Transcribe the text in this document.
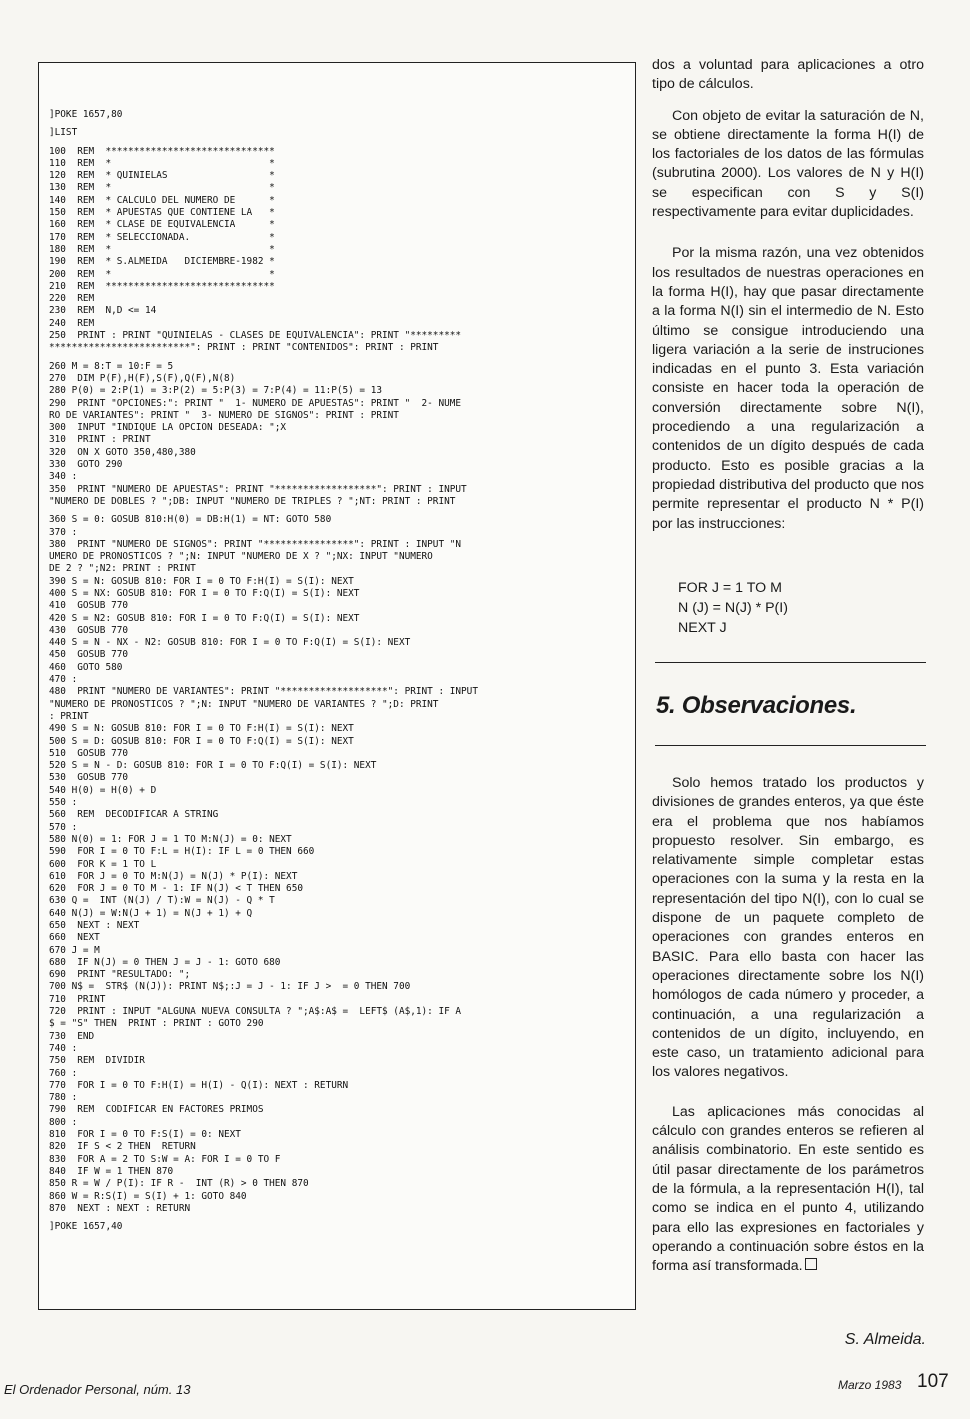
]POKE 1657,80
]LIST
100  REM  ******************************
110  REM  *                            *
120  REM  * QUINIELAS                  *
130  REM  *                            *
140  REM  * CALCULO DEL NUMERO DE      *
150  REM  * APUESTAS QUE CONTIENE LA   *
160  REM  * CLASE DE EQUIVALENCIA      *
170  REM  * SELECCIONADA.              *
180  REM  *                            *
190  REM  * S.ALMEIDA   DICIEMBRE-1982 *
200  REM  *                            *
210  REM  ******************************
220  REM
230  REM  N,D <= 14
240  REM
250  PRINT : PRINT "QUINIELAS - CLASES DE EQUIVALENCIA": PRINT "*********
*************************": PRINT : PRINT "CONTENIDOS": PRINT : PRINT
260 M = 8:T = 10:F = 5
270  DIM P(F),H(F),S(F),Q(F),N(8)
280 P(0) = 2:P(1) = 3:P(2) = 5:P(3) = 7:P(4) = 11:P(5) = 13
290  PRINT "OPCIONES:": PRINT "  1- NUMERO DE APUESTAS": PRINT "  2- NUME
RO DE VARIANTES": PRINT "  3- NUMERO DE SIGNOS": PRINT : PRINT
300  INPUT "INDIQUE LA OPCION DESEADA: ";X
310  PRINT : PRINT
320  ON X GOTO 350,480,380
330  GOTO 290
340 :
350  PRINT "NUMERO DE APUESTAS": PRINT "******************": PRINT : INPUT
"NUMERO DE DOBLES ? ";DB: INPUT "NUMERO DE TRIPLES ? ";NT: PRINT : PRINT
360 S = 0: GOSUB 810:H(0) = DB:H(1) = NT: GOTO 580
370 :
380  PRINT "NUMERO DE SIGNOS": PRINT "****************": PRINT : INPUT "N
UMERO DE PRONOSTICOS ? ";N: INPUT "NUMERO DE X ? ";NX: INPUT "NUMERO
DE 2 ? ";N2: PRINT : PRINT
390 S = N: GOSUB 810: FOR I = 0 TO F:H(I) = S(I): NEXT
400 S = NX: GOSUB 810: FOR I = 0 TO F:Q(I) = S(I): NEXT
410  GOSUB 770
420 S = N2: GOSUB 810: FOR I = 0 TO F:Q(I) = S(I): NEXT
430  GOSUB 770
440 S = N - NX - N2: GOSUB 810: FOR I = 0 TO F:Q(I) = S(I): NEXT
450  GOSUB 770
460  GOTO 580
470 :
480  PRINT "NUMERO DE VARIANTES": PRINT "*******************": PRINT : INPUT
"NUMERO DE PRONOSTICOS ? ";N: INPUT "NUMERO DE VARIANTES ? ";D: PRINT
: PRINT
490 S = N: GOSUB 810: FOR I = 0 TO F:H(I) = S(I): NEXT
500 S = D: GOSUB 810: FOR I = 0 TO F:Q(I) = S(I): NEXT
510  GOSUB 770
520 S = N - D: GOSUB 810: FOR I = 0 TO F:Q(I) = S(I): NEXT
530  GOSUB 770
540 H(0) = H(0) + D
550 :
560  REM  DECODIFICAR A STRING
570 :
580 N(0) = 1: FOR J = 1 TO M:N(J) = 0: NEXT
590  FOR I = 0 TO F:L = H(I): IF L = 0 THEN 660
600  FOR K = 1 TO L
610  FOR J = 0 TO M:N(J) = N(J) * P(I): NEXT
620  FOR J = 0 TO M - 1: IF N(J) < T THEN 650
630 Q =  INT (N(J) / T):W = N(J) - Q * T
640 N(J) = W:N(J + 1) = N(J + 1) + Q
650  NEXT : NEXT
660  NEXT
670 J = M
680  IF N(J) = 0 THEN J = J - 1: GOTO 680
690  PRINT "RESULTADO: ";
700 N$ =  STR$ (N(J)): PRINT N$;:J = J - 1: IF J >  = 0 THEN 700
710  PRINT
720  PRINT : INPUT "ALGUNA NUEVA CONSULTA ? ";A$:A$ =  LEFT$ (A$,1): IF A
$ = "S" THEN  PRINT : PRINT : GOTO 290
730  END
740 :
750  REM  DIVIDIR
760 :
770  FOR I = 0 TO F:H(I) = H(I) - Q(I): NEXT : RETURN
780 :
790  REM  CODIFICAR EN FACTORES PRIMOS
800 :
810  FOR I = 0 TO F:S(I) = 0: NEXT
820  IF S < 2 THEN  RETURN
830  FOR A = 2 TO S:W = A: FOR I = 0 TO F
840  IF W = 1 THEN 870
850 R = W / P(I): IF R -  INT (R) > 0 THEN 870
860 W = R:S(I) = S(I) + 1: GOTO 840
870  NEXT : NEXT : RETURN
]POKE 1657,40

dos a voluntad para aplicaciones a otro tipo de cálculos.

Con objeto de evitar la saturación de N, se obtiene directamente la forma H(I) de los factoriales de los datos de las fórmulas (subrutina 2000). Los valores de N y H(I) se especifican con S y S(I) respectivamente para evitar duplicidades.

Por la misma razón, una vez obtenidos los resultados de nuestras operaciones en la forma H(I), hay que pasar directamente a la forma N(I) sin el intermedio de N. Esto último se consigue introduciendo una ligera variación a la serie de instruciones indicadas en el punto 3. Esta variación consiste en hacer toda la operación de conversión directamente sobre N(I), procediendo a una regularización a contenidos de un dígito después de cada producto. Esto es posible gracias a la propiedad distributiva del producto que nos permite representar el producto N * P(I) por las instrucciones:

FOR J = 1 TO M
N (J) = N(J) * P(I)
NEXT J
5. Observaciones.

Solo hemos tratado los productos y divisiones de grandes enteros, ya que éste era el problema que nos habíamos propuesto resolver. Sin embargo, es relativamente simple completar estas operaciones con la suma y la resta en la representación del tipo N(I), con lo cual se dispone de un paquete completo de operaciones con grandes enteros en BASIC. Para ello basta con hacer las operaciones directamente sobre los N(I) homólogos de cada número y proceder, a continuación, a una regularización a contenidos de un dígito, incluyendo, en este caso, un tratamiento adicional para los valores negativos.

Las aplicaciones más conocidas al cálculo con grandes enteros se refieren al análisis combinatorio. En este sentido es útil pasar directamente de los parámetros de la fórmula, a la representación H(I), tal como se indica en el punto 4, utilizando para ello las expresiones en factoriales y operando a continuación sobre éstos en la forma así transformada.

S. Almeida.
El Ordenador Personal, núm. 13	Marzo 1983 107
